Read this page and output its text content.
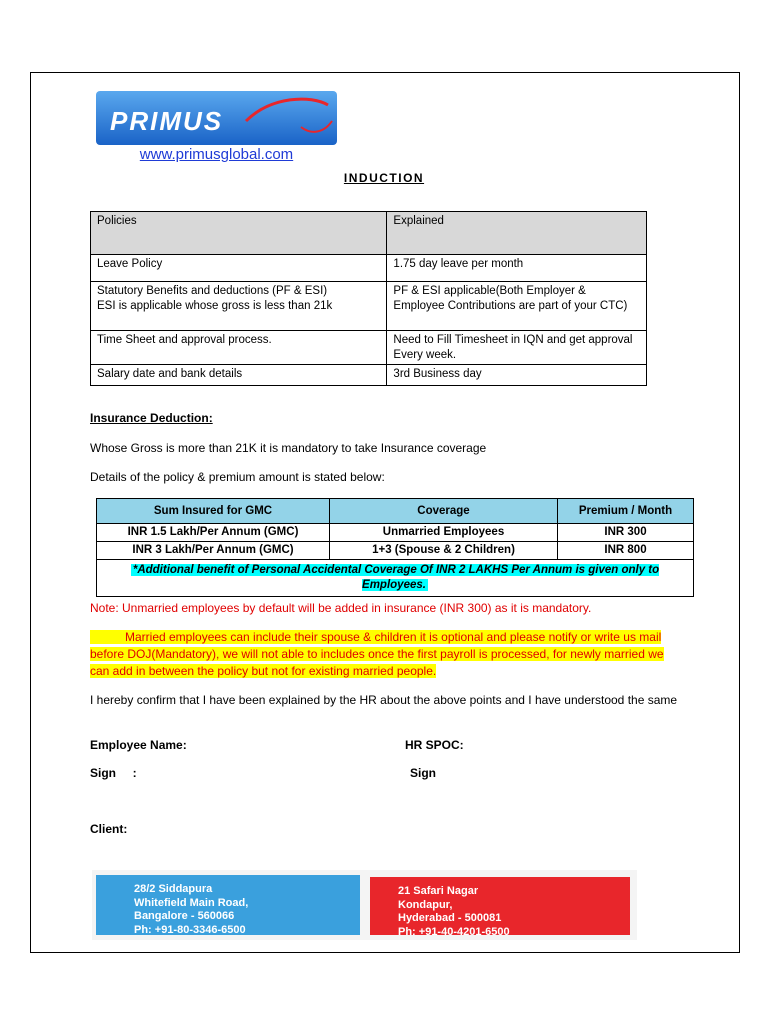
PRIMUS
www.primusglobal.com
INDUCTION
Policies	Explained
Leave Policy	1.75 day leave per month

Statutory Benefits and deductions (PF & ESI)
ESI is applicable whose gross is less than 21k	PF & ESI applicable(Both Employer & Employee Contributions are part of your CTC)
Time Sheet and approval process.	Need to Fill Timesheet in IQN and get approval Every week.
Salary date and bank details	3rd Business day
Insurance Deduction:
Whose Gross is more than 21K it is mandatory to take Insurance coverage
Details of the policy & premium amount is stated below:
Sum Insured for GMC	Coverage	Premium / Month
INR 1.5 Lakh/Per Annum (GMC)	Unmarried Employees	INR 300
INR 3 Lakh/Per Annum (GMC)	1+3 (Spouse & 2 Children)	INR 800
*Additional benefit of Personal Accidental Coverage Of INR 2 LAKHS Per Annum is given only to Employees.		
Note: Unmarried employees by default will be added in insurance (INR 300) as it is mandatory.
Married employees can include their spouse & children it is optional and please notify or write us mail before DOJ(Mandatory), we will not able to includes once the first payroll is processed, for newly married we can add in between the policy but not for existing married people.
I hereby confirm that I have been explained by the HR about the above points and I have understood the same
Employee Name:	HR SPOC:
Sign     :	Sign
Client:
28/2 Siddapura
Whitefield Main Road,
Bangalore - 560066
Ph: +91-80-3346-6500
21 Safari Nagar
Kondapur,
Hyderabad - 500081
Ph: +91-40-4201-6500
